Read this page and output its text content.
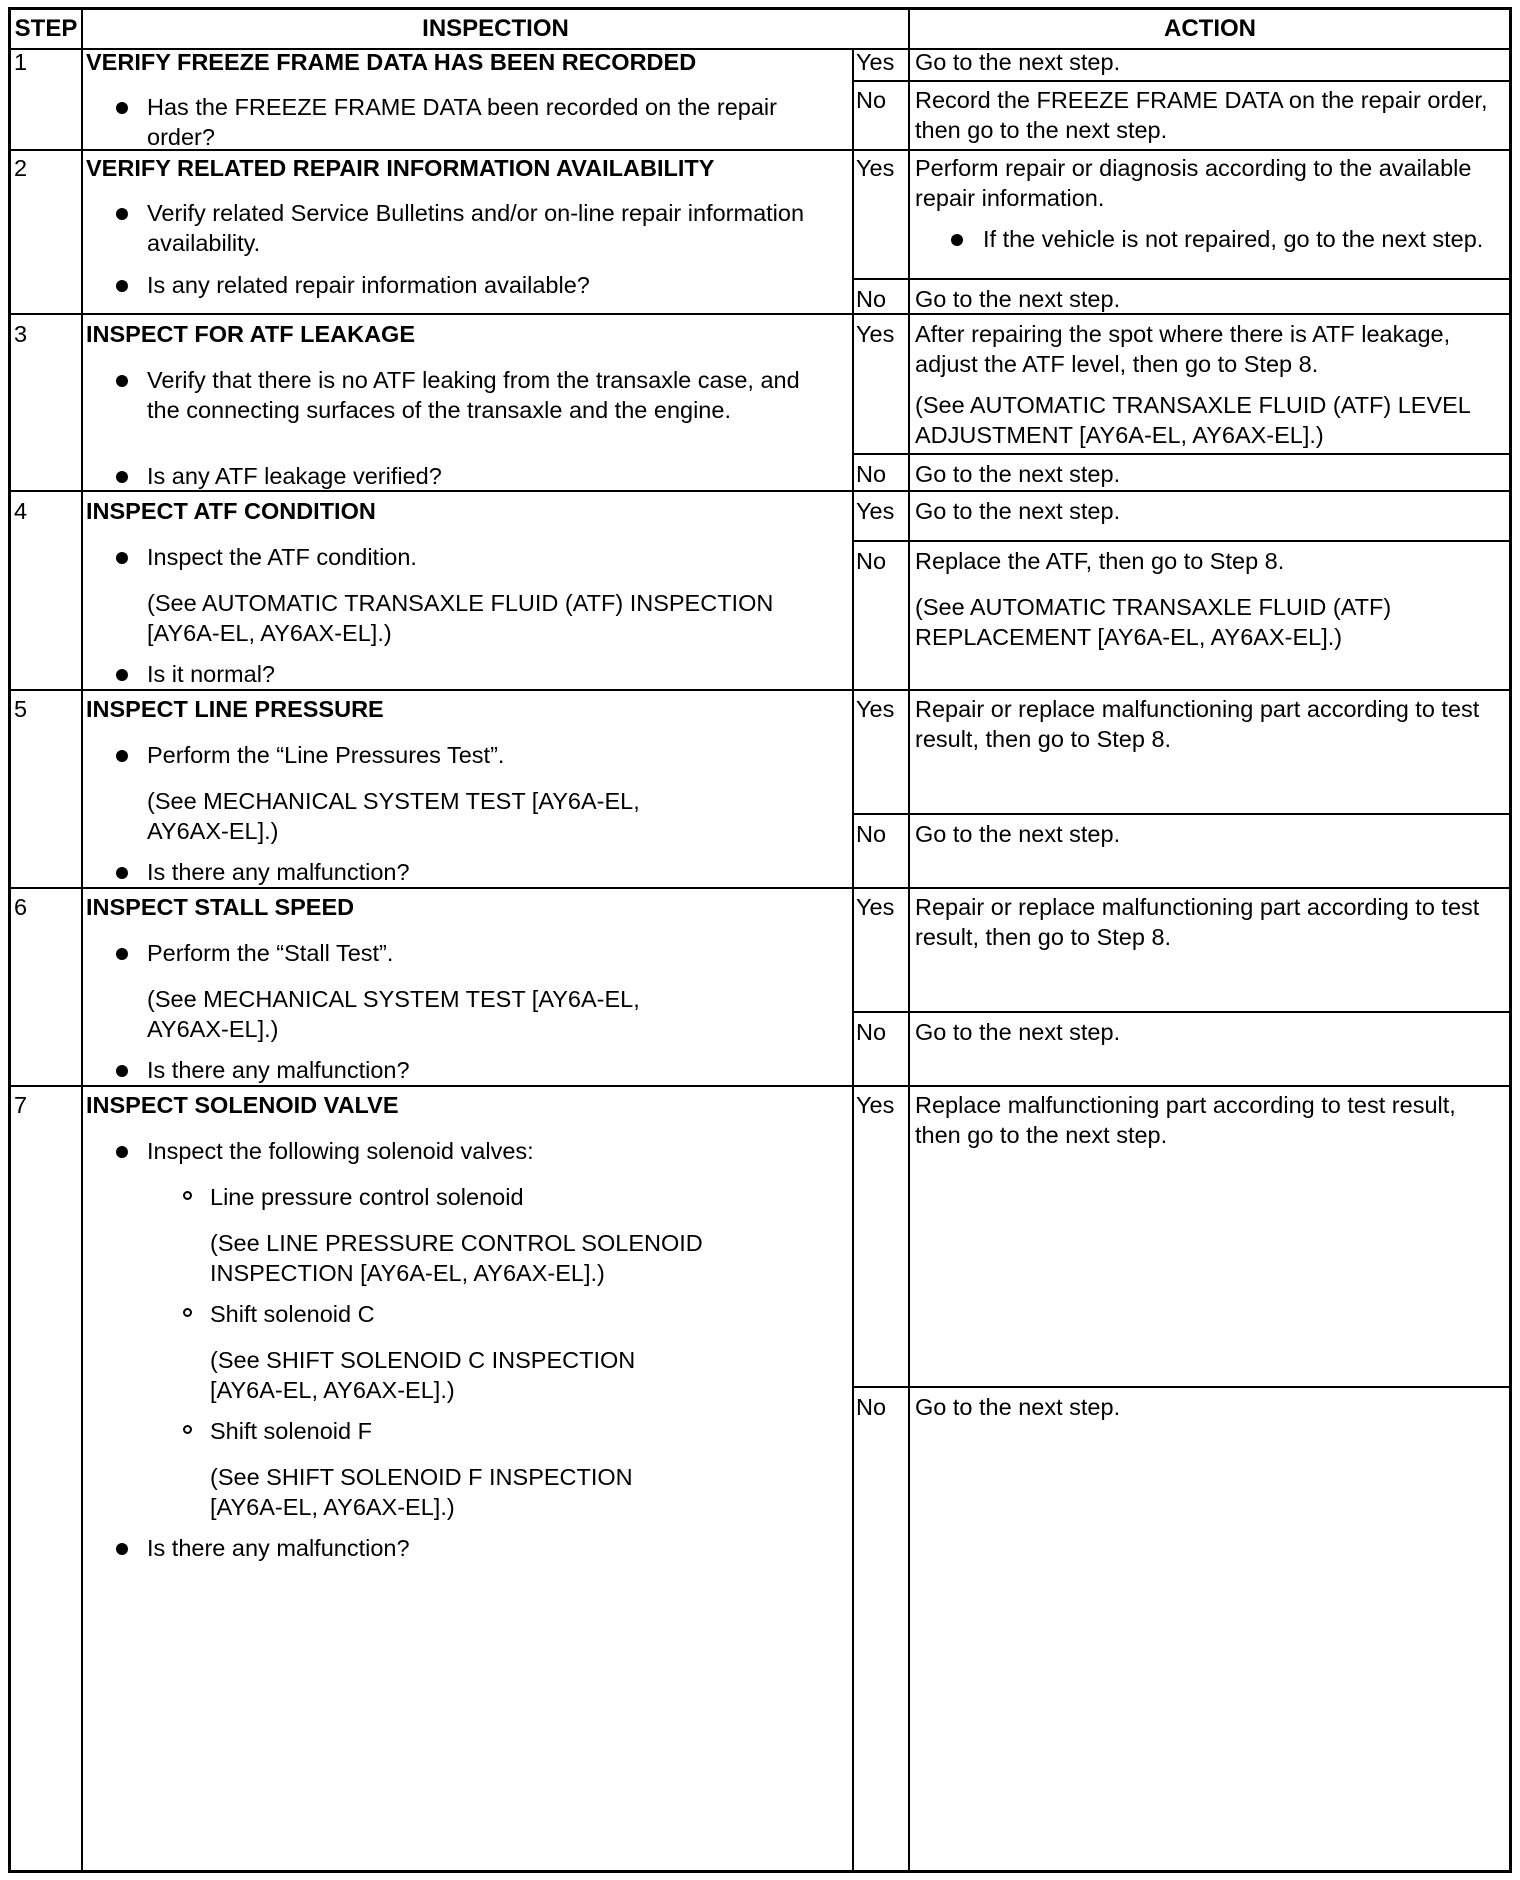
STEP	INSPECTION	ACTION
1	VERIFY FREEZE FRAME DATA HAS BEEN RECORDED
Has the FREEZE FRAME DATA been recorded on the repair order?
Yes Go to the next step.
No Record the FREEZE FRAME DATA on the repair order, then go to the next step.
2	VERIFY RELATED REPAIR INFORMATION AVAILABILITY
Verify related Service Bulletins and/or on-line repair information availability.
Is any related repair information available?
Yes Perform repair or diagnosis according to the available repair information.
If the vehicle is not repaired, go to the next step.
No Go to the next step.
3	INSPECT FOR ATF LEAKAGE
Verify that there is no ATF leaking from the transaxle case, and the connecting surfaces of the transaxle and the engine.
Is any ATF leakage verified?
Yes After repairing the spot where there is ATF leakage, adjust the ATF level, then go to Step 8.
(See AUTOMATIC TRANSAXLE FLUID (ATF) LEVEL ADJUSTMENT [AY6A-EL, AY6AX-EL].)
No Go to the next step.
4	INSPECT ATF CONDITION
Inspect the ATF condition.
(See AUTOMATIC TRANSAXLE FLUID (ATF) INSPECTION [AY6A-EL, AY6AX-EL].)
Is it normal?
Yes Go to the next step.
No Replace the ATF, then go to Step 8.
(See AUTOMATIC TRANSAXLE FLUID (ATF) REPLACEMENT [AY6A-EL, AY6AX-EL].)
5	INSPECT LINE PRESSURE
Perform the “Line Pressures Test”.
(See MECHANICAL SYSTEM TEST [AY6A-EL, AY6AX-EL].)
Is there any malfunction?
Yes Repair or replace malfunctioning part according to test result, then go to Step 8.
No Go to the next step.
6	INSPECT STALL SPEED
Perform the “Stall Test”.
(See MECHANICAL SYSTEM TEST [AY6A-EL, AY6AX-EL].)
Is there any malfunction?
Yes Repair or replace malfunctioning part according to test result, then go to Step 8.
No Go to the next step.
7	INSPECT SOLENOID VALVE
Inspect the following solenoid valves:
Line pressure control solenoid
(See LINE PRESSURE CONTROL SOLENOID INSPECTION [AY6A-EL, AY6AX-EL].)
Shift solenoid C
(See SHIFT SOLENOID C INSPECTION [AY6A-EL, AY6AX-EL].)
Shift solenoid F
(See SHIFT SOLENOID F INSPECTION [AY6A-EL, AY6AX-EL].)
Is there any malfunction?
Yes Replace malfunctioning part according to test result, then go to the next step.
No Go to the next step.
